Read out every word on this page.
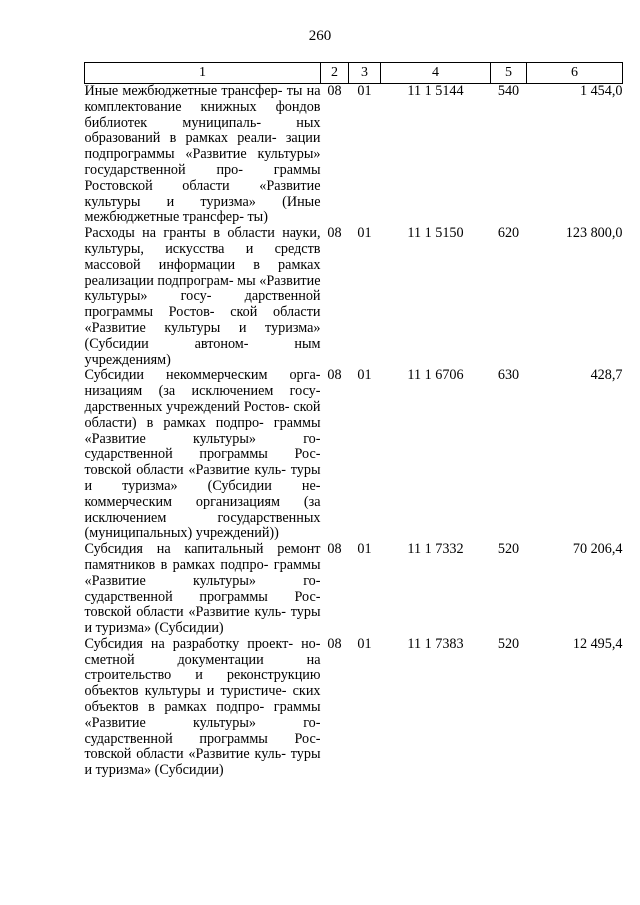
260
1	2	3	4	5	6
Иные межбюджетные трансфер- ты на комплектование книжных фондов библиотек муниципаль- ных образований в рамках реали- зации подпрограммы «Развитие культуры» государственной про- граммы Ростовской области «Развитие культуры и туризма» (Иные межбюджетные трансфер- ты)	08	01	11 1 5144	540	1 454,0
Расходы на гранты в области науки, культуры, искусства и средств массовой информации в рамках реализации подпрограм- мы «Развитие культуры» госу- дарственной программы Ростов- ской области «Развитие культуры и туризма» (Субсидии автоном- ным учреждениям)	08	01	11 1 5150	620	123 800,0
Субсидии некоммерческим орга- низациям (за исключением госу- дарственных учреждений Ростов- ской области) в рамках подпро- граммы «Развитие культуры» го- сударственной программы Рос- товской области «Развитие куль- туры и туризма» (Субсидии не- коммерческим организациям (за исключением государственных (муниципальных) учреждений))	08	01	11 1 6706	630	428,7
Субсидия на капитальный ремонт памятников в рамках подпро- граммы «Развитие культуры» го- сударственной программы Рос- товской области «Развитие куль- туры и туризма» (Субсидии)	08	01	11 1 7332	520	70 206,4
Субсидия на разработку проект- но-сметной документации на строительство и реконструкцию объектов культуры и туристиче- ских объектов в рамках подпро- граммы «Развитие культуры» го- сударственной программы Рос- товской области «Развитие куль- туры и туризма» (Субсидии)	08	01	11 1 7383	520	12 495,4
